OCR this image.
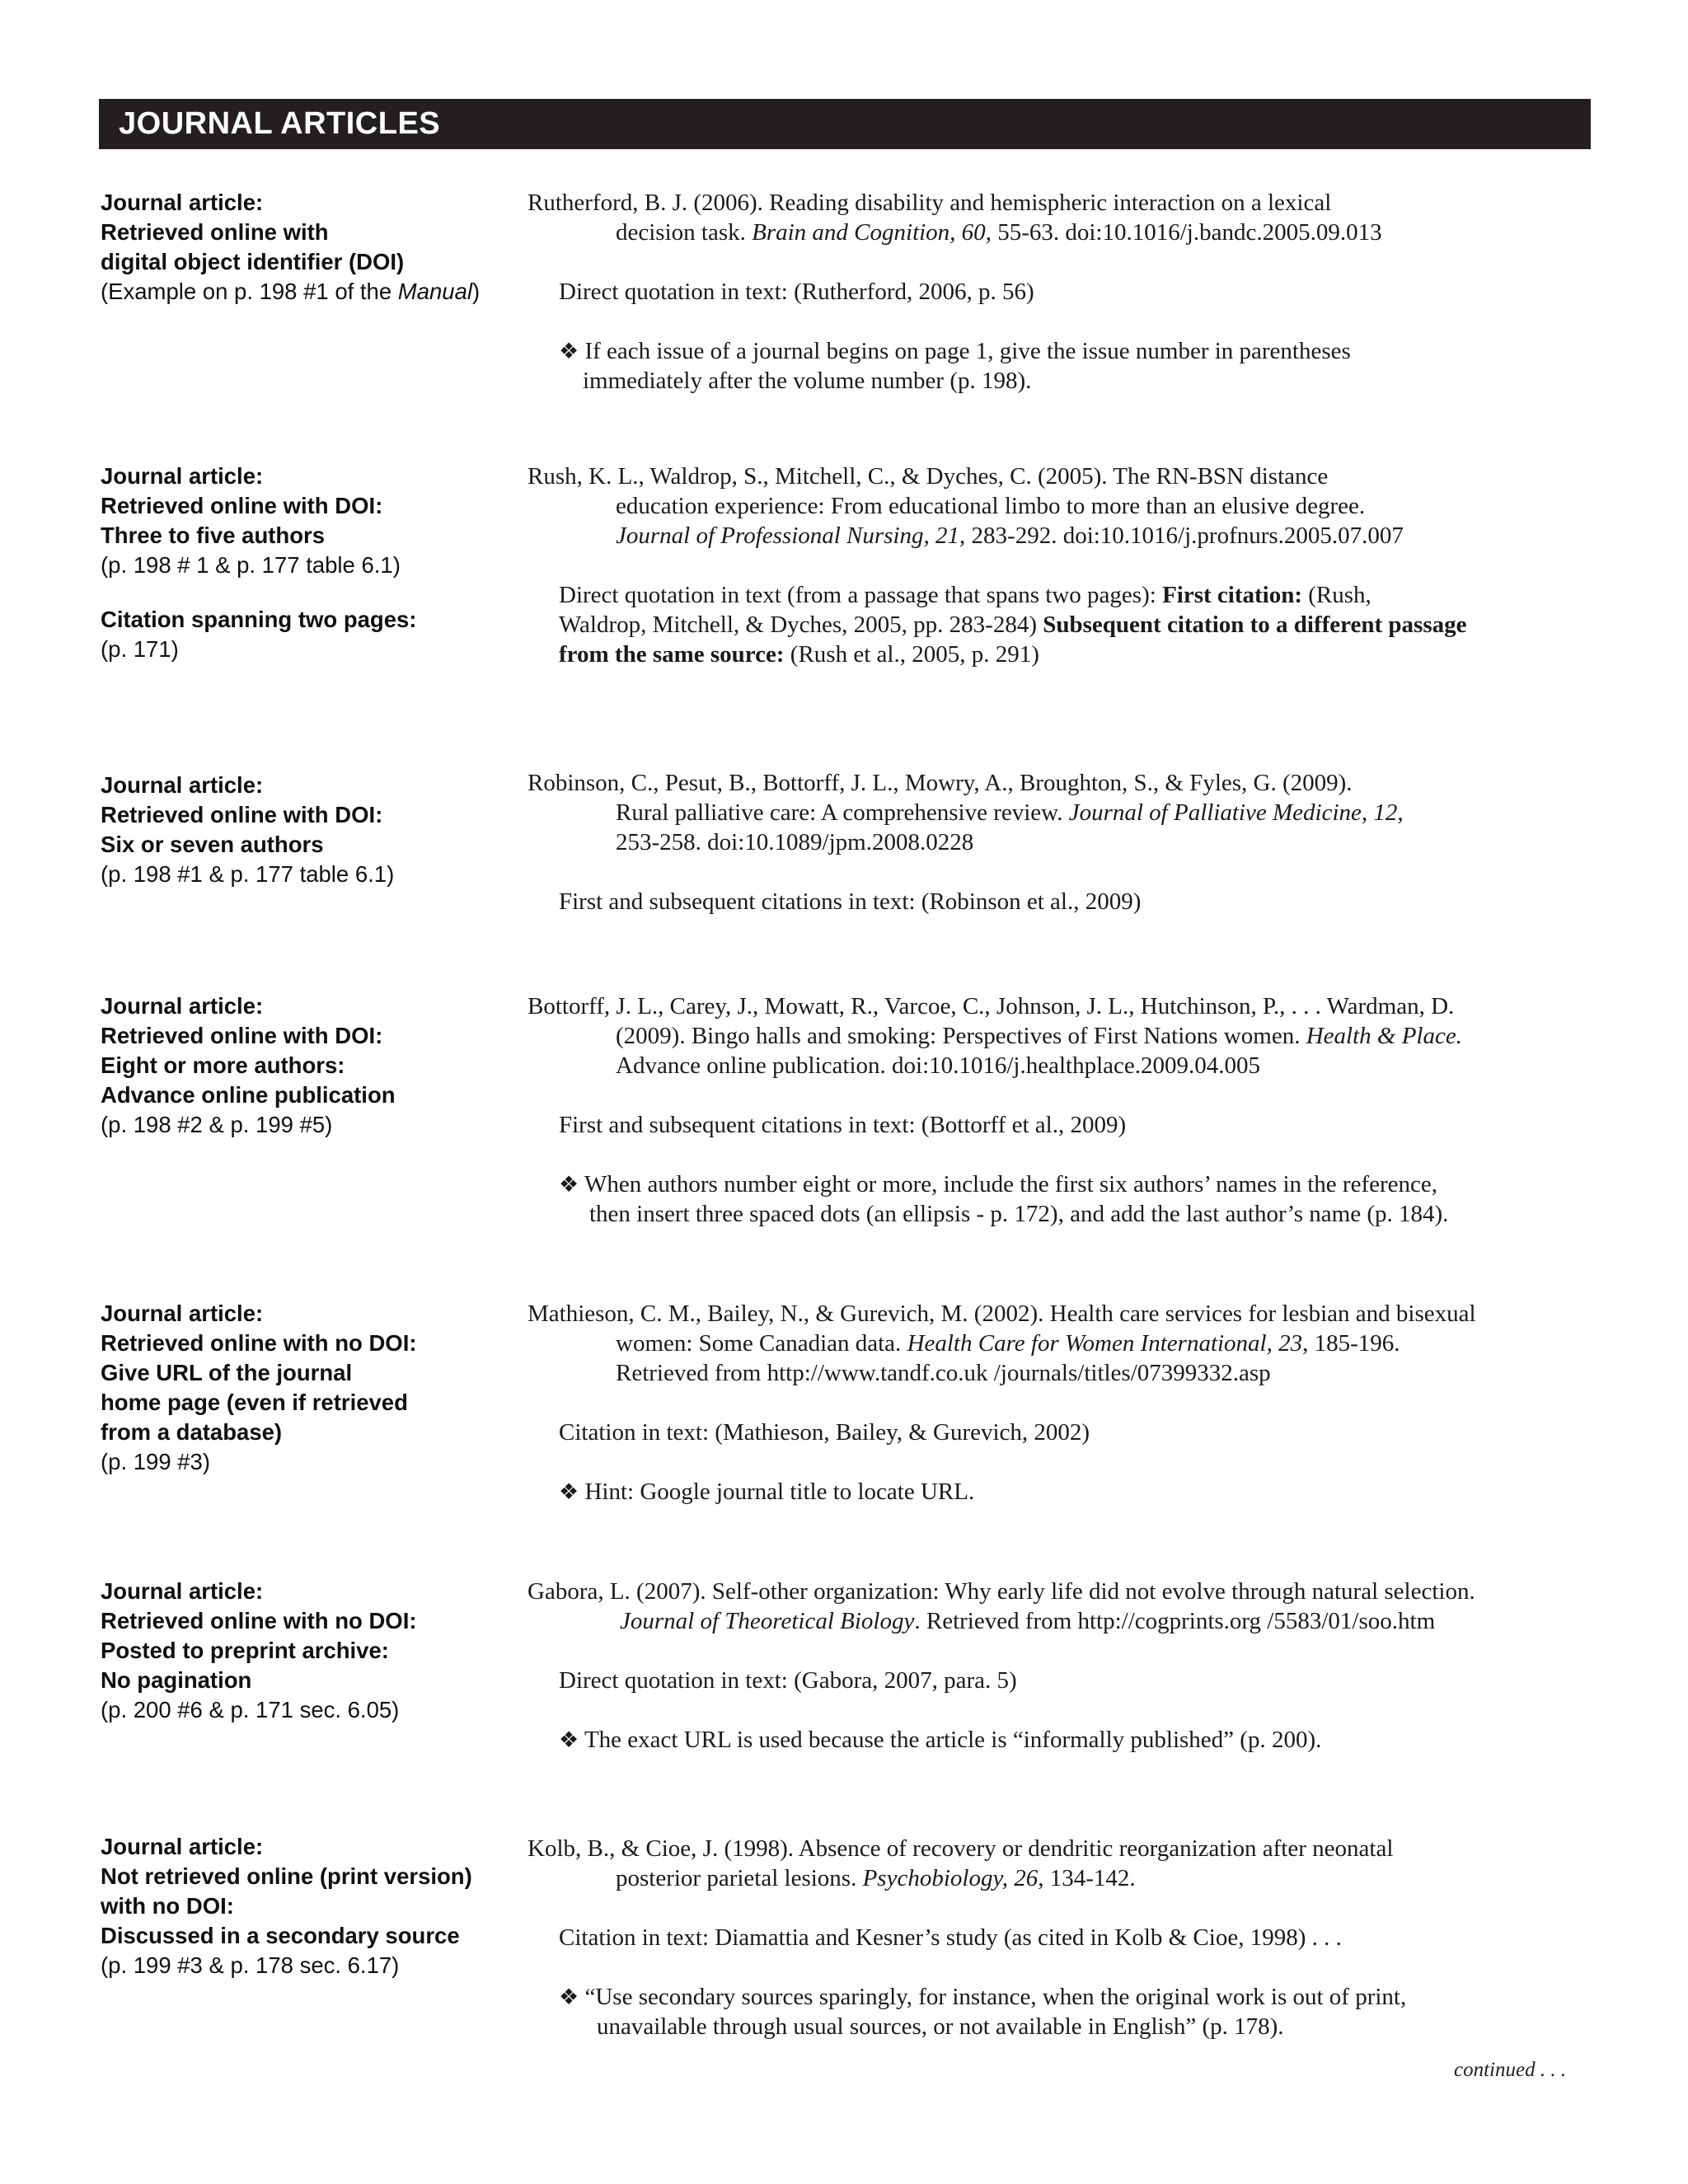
JOURNAL ARTICLES
Journal article:
Retrieved online with
digital object identifier (DOI)
(Example on p. 198 #1 of the Manual)
Rutherford, B. J. (2006). Reading disability and hemispheric interaction on a lexical
decision task. Brain and Cognition, 60, 55-63. doi:10.1016/j.bandc.2005.09.013
Direct quotation in text: (Rutherford, 2006, p. 56)
❖ If each issue of a journal begins on page 1, give the issue number in parentheses
immediately after the volume number (p. 198).
Journal article:
Retrieved online with DOI:
Three to five authors
(p. 198 # 1 & p. 177 table 6.1)
Citation spanning two pages:
(p. 171)
Rush, K. L., Waldrop, S., Mitchell, C., & Dyches, C. (2005). The RN-BSN distance
education experience: From educational limbo to more than an elusive degree.
Journal of Professional Nursing, 21, 283-292. doi:10.1016/j.profnurs.2005.07.007
Direct quotation in text (from a passage that spans two pages): First citation: (Rush,
Waldrop, Mitchell, & Dyches, 2005, pp. 283-284) Subsequent citation to a different passage
from the same source: (Rush et al., 2005, p. 291)
Journal article:
Retrieved online with DOI:
Six or seven authors
(p. 198 #1 & p. 177 table 6.1)
Robinson, C., Pesut, B., Bottorff, J. L., Mowry, A., Broughton, S., & Fyles, G. (2009).
Rural palliative care: A comprehensive review. Journal of Palliative Medicine, 12,
253-258. doi:10.1089/jpm.2008.0228
First and subsequent citations in text: (Robinson et al., 2009)
Journal article:
Retrieved online with DOI:
Eight or more authors:
Advance online publication
(p. 198 #2 & p. 199 #5)
Bottorff, J. L., Carey, J., Mowatt, R., Varcoe, C., Johnson, J. L., Hutchinson, P., . . . Wardman, D.
(2009). Bingo halls and smoking: Perspectives of First Nations women. Health & Place.
Advance online publication. doi:10.1016/j.healthplace.2009.04.005
First and subsequent citations in text: (Bottorff et al., 2009)
❖ When authors number eight or more, include the first six authors’ names in the reference,
then insert three spaced dots (an ellipsis - p. 172), and add the last author’s name (p. 184).
Journal article:
Retrieved online with no DOI:
Give URL of the journal
home page (even if retrieved
from a database)
(p. 199 #3)
Mathieson, C. M., Bailey, N., & Gurevich, M. (2002). Health care services for lesbian and bisexual
women: Some Canadian data. Health Care for Women International, 23, 185-196.
Retrieved from http://www.tandf.co.uk /journals/titles/07399332.asp
Citation in text: (Mathieson, Bailey, & Gurevich, 2002)
❖ Hint: Google journal title to locate URL.
Journal article:
Retrieved online with no DOI:
Posted to preprint archive:
No pagination
(p. 200 #6 & p. 171 sec. 6.05)
Gabora, L. (2007). Self-other organization: Why early life did not evolve through natural selection.
Journal of Theoretical Biology. Retrieved from http://cogprints.org /5583/01/soo.htm
Direct quotation in text: (Gabora, 2007, para. 5)
❖ The exact URL is used because the article is “informally published” (p. 200).
Journal article:
Not retrieved online (print version)
with no DOI:
Discussed in a secondary source
(p. 199 #3 & p. 178 sec. 6.17)
Kolb, B., & Cioe, J. (1998). Absence of recovery or dendritic reorganization after neonatal
posterior parietal lesions. Psychobiology, 26, 134-142.
Citation in text: Diamattia and Kesner’s study (as cited in Kolb & Cioe, 1998) . . .
❖ “Use secondary sources sparingly, for instance, when the original work is out of print,
unavailable through usual sources, or not available in English” (p. 178).
continued . . .
